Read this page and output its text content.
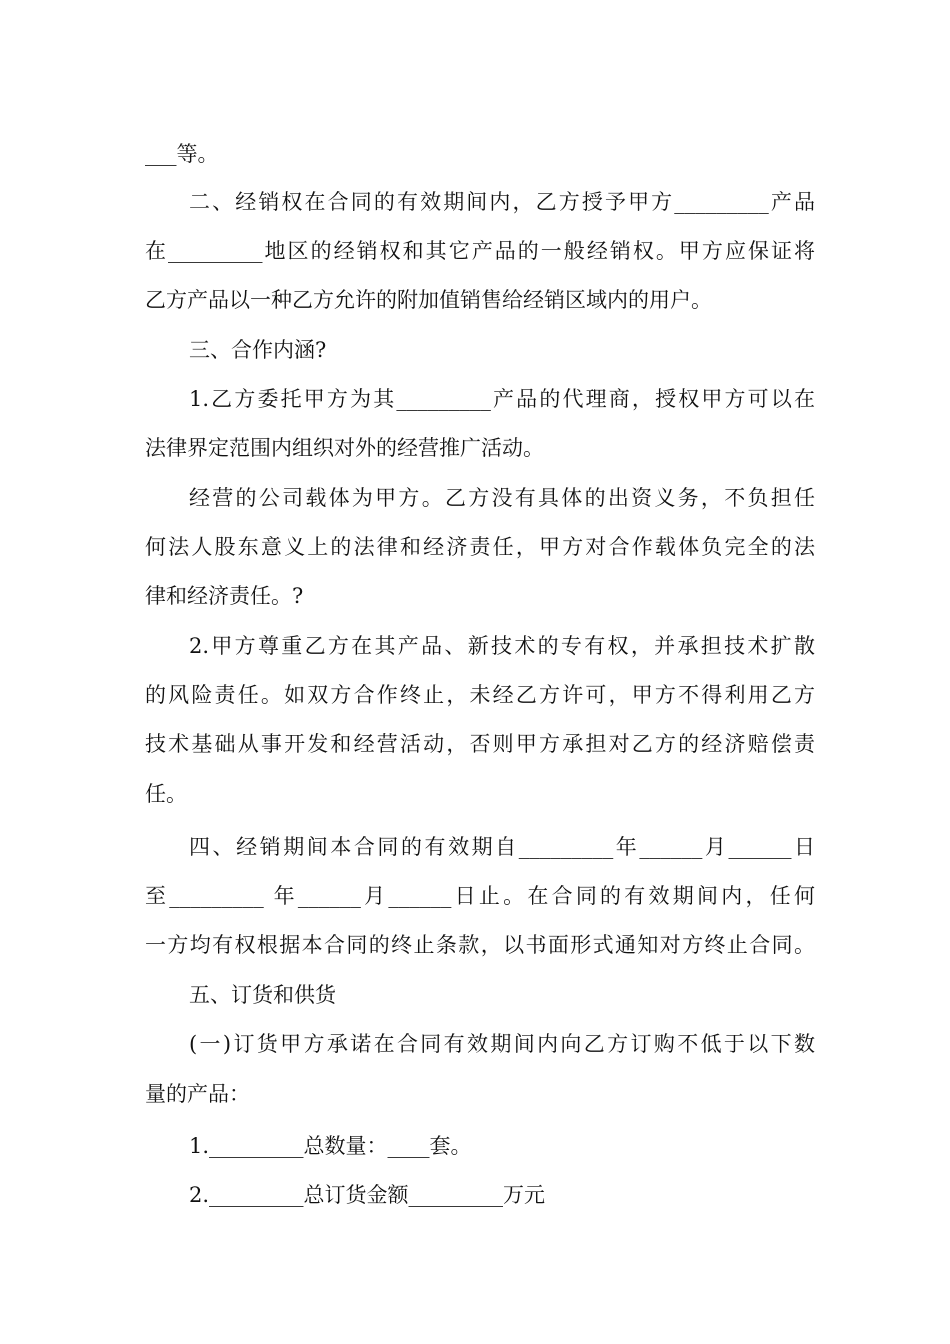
___等。
二、经销权在合同的有效期间内，乙方授予甲方_________产品
在_________地区的经销权和其它产品的一般经销权。甲方应保证将
乙方产品以一种乙方允许的附加值销售给经销区域内的用户。
三、合作内涵?
1.乙方委托甲方为其_________产品的代理商，授权甲方可以在
法律界定范围内组织对外的经营推广活动。
经营的公司载体为甲方。乙方没有具体的出资义务，不负担任
何法人股东意义上的法律和经济责任，甲方对合作载体负完全的法
律和经济责任。?
2.甲方尊重乙方在其产品、新技术的专有权，并承担技术扩散
的风险责任。如双方合作终止，未经乙方许可，甲方不得利用乙方
技术基础从事开发和经营活动，否则甲方承担对乙方的经济赔偿责
任。
四、经销期间本合同的有效期自_________年______月______日
至_________ 年______月______日止。在合同的有效期间内，任何
一方均有权根据本合同的终止条款，以书面形式通知对方终止合同。
五、订货和供货
(一)订货甲方承诺在合同有效期间内向乙方订购不低于以下数
量的产品：
1._________总数量：____套。
2._________总订货金额_________万元
